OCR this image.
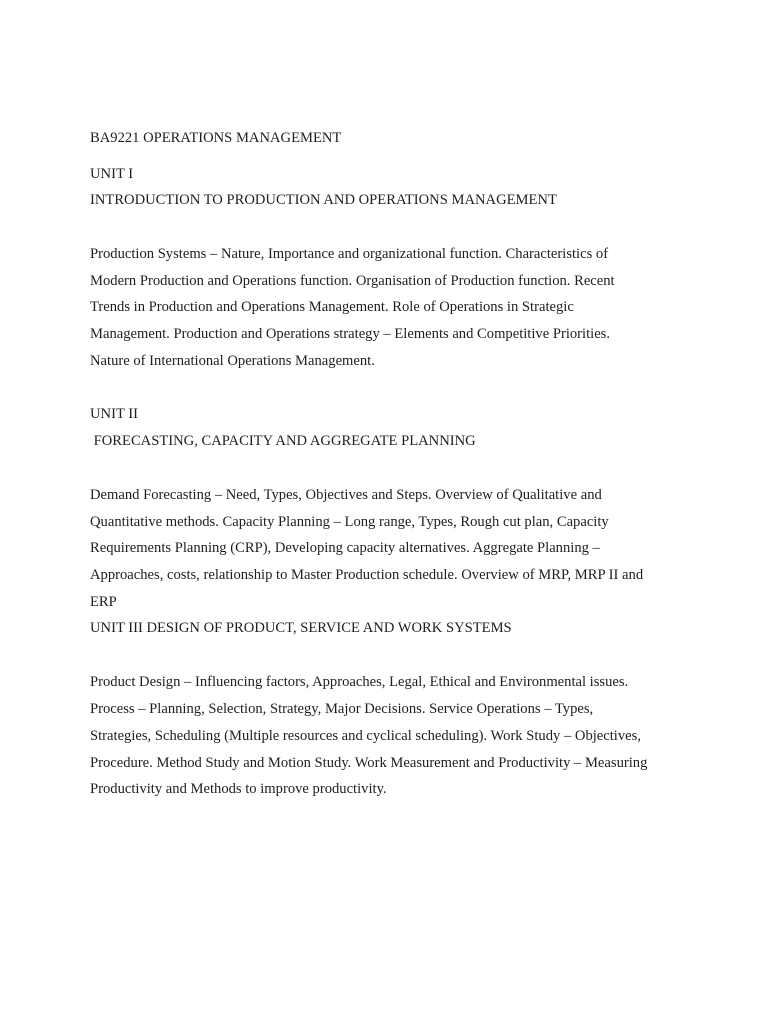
BA9221 OPERATIONS MANAGEMENT
UNIT I
INTRODUCTION TO PRODUCTION AND OPERATIONS MANAGEMENT
Production Systems – Nature, Importance and organizational function. Characteristics of
Modern Production and Operations function. Organisation of Production function. Recent
Trends in Production and Operations Management. Role of Operations in Strategic
Management. Production and Operations strategy – Elements and Competitive Priorities.
Nature of International Operations Management.
UNIT II
FORECASTING, CAPACITY AND AGGREGATE PLANNING
Demand Forecasting – Need, Types, Objectives and Steps. Overview of Qualitative and
Quantitative methods. Capacity Planning – Long range, Types, Rough cut plan, Capacity
Requirements Planning (CRP), Developing capacity alternatives. Aggregate Planning –
Approaches, costs, relationship to Master Production schedule. Overview of MRP, MRP II and
ERP
UNIT III DESIGN OF PRODUCT, SERVICE AND WORK SYSTEMS
Product Design – Influencing factors, Approaches, Legal, Ethical and Environmental issues.
Process – Planning, Selection, Strategy, Major Decisions. Service Operations – Types,
Strategies, Scheduling (Multiple resources and cyclical scheduling). Work Study – Objectives,
Procedure. Method Study and Motion Study. Work Measurement and Productivity – Measuring
Productivity and Methods to improve productivity.
